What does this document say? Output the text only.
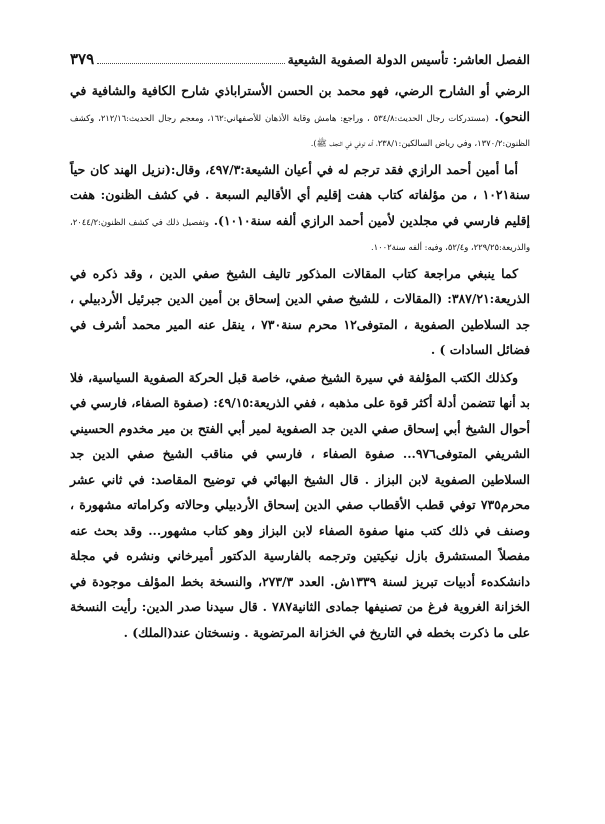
الفصل العاشر: تأسيس الدولة الصفوية الشيعية
٣٧٩

الرضي أو الشارح الرضي، فهو محمد بن الحسن الأستراباذي شارح الكافية والشافية في النحو). (مستدركات رجال الحديث:٥٣٤/٨ ، وراجع: هامش وقاية الأذهان للأصفهاني:١٦٢، ومعجم رجال الحديث:٢١٢/١٦، وكشف الظنون:١٣٧٠/٢، وفي رياض السالكين:٢٣٨/١، أنه توفي في النجف ﷺ).

أما أمين أحمد الرازي فقد ترجم له في أعيان الشيعة:٤٩٧/٣، وقال:(نزيل الهند كان حياً سنة١٠٢١ ، من مؤلفاته كتاب هفت إقليم أي الأقاليم السبعة . في كشف الظنون: هفت إقليم فارسي في مجلدين لأمين أحمد الرازي ألفه سنة١٠١٠). وتفصيل ذلك في كشف الظنون:٢٠٤٤/٢، والذريعة:٢٢٩/٢٥، و٥٢/٤، وفيه: ألفه سنة١٠٠٢.

كما ينبغي مراجعة كتاب المقالات المذكور تاليف الشيخ صفي الدين ، وقد ذكره في الذريعة:٣٨٧/٢١: (المقالات ، للشيخ صفي الدين إسحاق بن أمين الدين جبرئيل الأردبيلي ، جد السلاطين الصفوية ، المتوفى١٢ محرم سنة٧٣٠ ، ينقل عنه المير محمد أشرف في فضائل السادات ) .

وكذلك الكتب المؤلفة في سيرة الشيخ صفي، خاصة قبل الحركة الصفوية السياسية، فلا بد أنها تتضمن أدلة أكثر قوة على مذهبه ، ففي الذريعة:٤٩/١٥: (صفوة الصفاء، فارسي في أحوال الشيخ أبي إسحاق صفي الدين جد الصفوية لمير أبي الفتح بن مير مخدوم الحسيني الشريفي المتوفى٩٧٦... صفوة الصفاء ، فارسي في مناقب الشيخ صفي الدين جد السلاطين الصفوية لابن البزاز . قال الشيخ البهائي في توضيح المقاصد: في ثاني عشر محرم٧٣٥ توفي قطب الأقطاب صفي الدين إسحاق الأردبيلي وحالاته وكراماته مشهورة ، وصنف في ذلك كتب منها صفوة الصفاء لابن البزاز وهو كتاب مشهور... وقد بحث عنه مفصلاً المستشرق بازل نيكيتين وترجمه بالفارسية الدكتور أميرخاني ونشره في مجلة دانشكدهء أدبيات تبريز لسنة ١٣٣٩ش. العدد ٢٧٣/٣، والنسخة بخط المؤلف موجودة في الخزانة الغروية فرغ من تصنيفها جمادى الثانية٧٨٧ . قال سيدنا صدر الدين: رأيت النسخة على ما ذكرت بخطه في التاريخ في الخزانة المرتضوية . ونسختان عند(الملك) .
